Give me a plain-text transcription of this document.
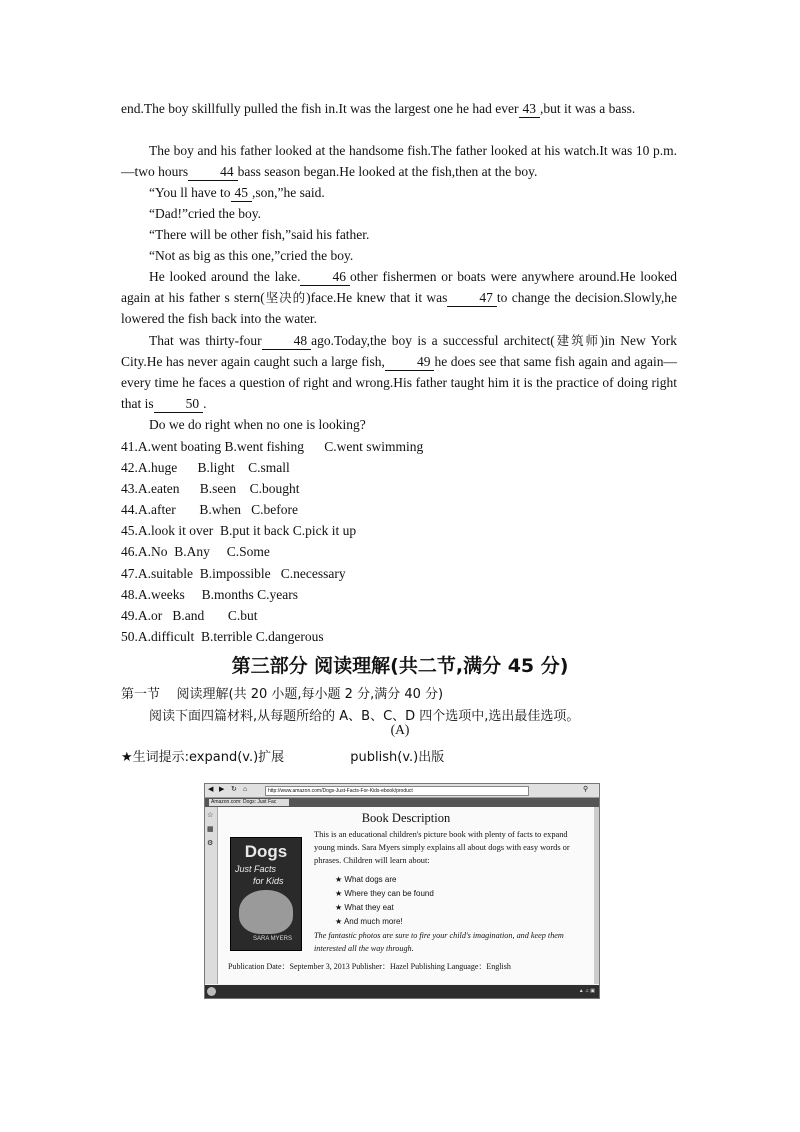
end.The boy skillfully pulled the fish in.It was the largest one he had ever 43 ,but it was a bass.

The boy and his father looked at the handsome fish.The father looked at his watch.It was 10 p.m.—two hours 44 bass season began.He looked at the fish,then at the boy.

“You ll have to 45 ,son,”he said.
“Dad!”cried the boy.
“There will be other fish,”said his father.
“Not as big as this one,”cried the boy.

He looked around the lake. 46 other fishermen or boats were anywhere around.He looked again at his father s stern(坚决的)face.He knew that it was 47 to change the decision.Slowly,he lowered the fish back into the water.

That was thirty-four 48 ago.Today,the boy is a successful architect(建筑师)in New York City.He has never again caught such a large fish, 49 he does see that same fish again and again—every time he faces a question of right and wrong.His father taught him it is the practice of doing right that is 50 .

Do we do right when no one is looking?
41.A.went boating B.went fishing      C.went swimming
42.A.huge      B.light    C.small
43.A.eaten      B.seen    C.bought
44.A.after       B.when   C.before
45.A.look it over  B.put it back C.pick it up
46.A.No  B.Any     C.Some
47.A.suitable  B.impossible   C.necessary
48.A.weeks     B.months C.years
49.A.or   B.and       C.but
50.A.difficult  B.terrible C.dangerous
第三部分 阅读理解(共二节,满分 45 分)
第一节    阅读理解(共 20 小题,每小题 2 分,满分 40 分)
阅读下面四篇材料,从每题所给的 A、B、C、D 四个选项中,选出最佳选项。
(A)
★生词提示:expand(v.)扩展                publish(v.)出版
◀ ▶ ↻ ⌂	http://www.amazon.com/Dogs-Just-Facts-For-Kids-ebook/product	⚲
Amazon.com: Dogs: Just Fac
☆
▦
⚙
Book Description
Dogs
Just Facts
for Kids
SARA MYERS
This is an educational children's picture book with plenty of facts to expand young minds. Sara Myers simply explains all about dogs with easy words or phrases. Children will learn about:
★ What dogs are
★ Where they can be found
★ What they eat
★ And much more!
The fantastic photos are sure to fire your child's imagination, and keep them interested all the way through.
Publication Date：September 3, 2013 Publisher：Hazel Publishing Language：English
▲ ♫ ▣
